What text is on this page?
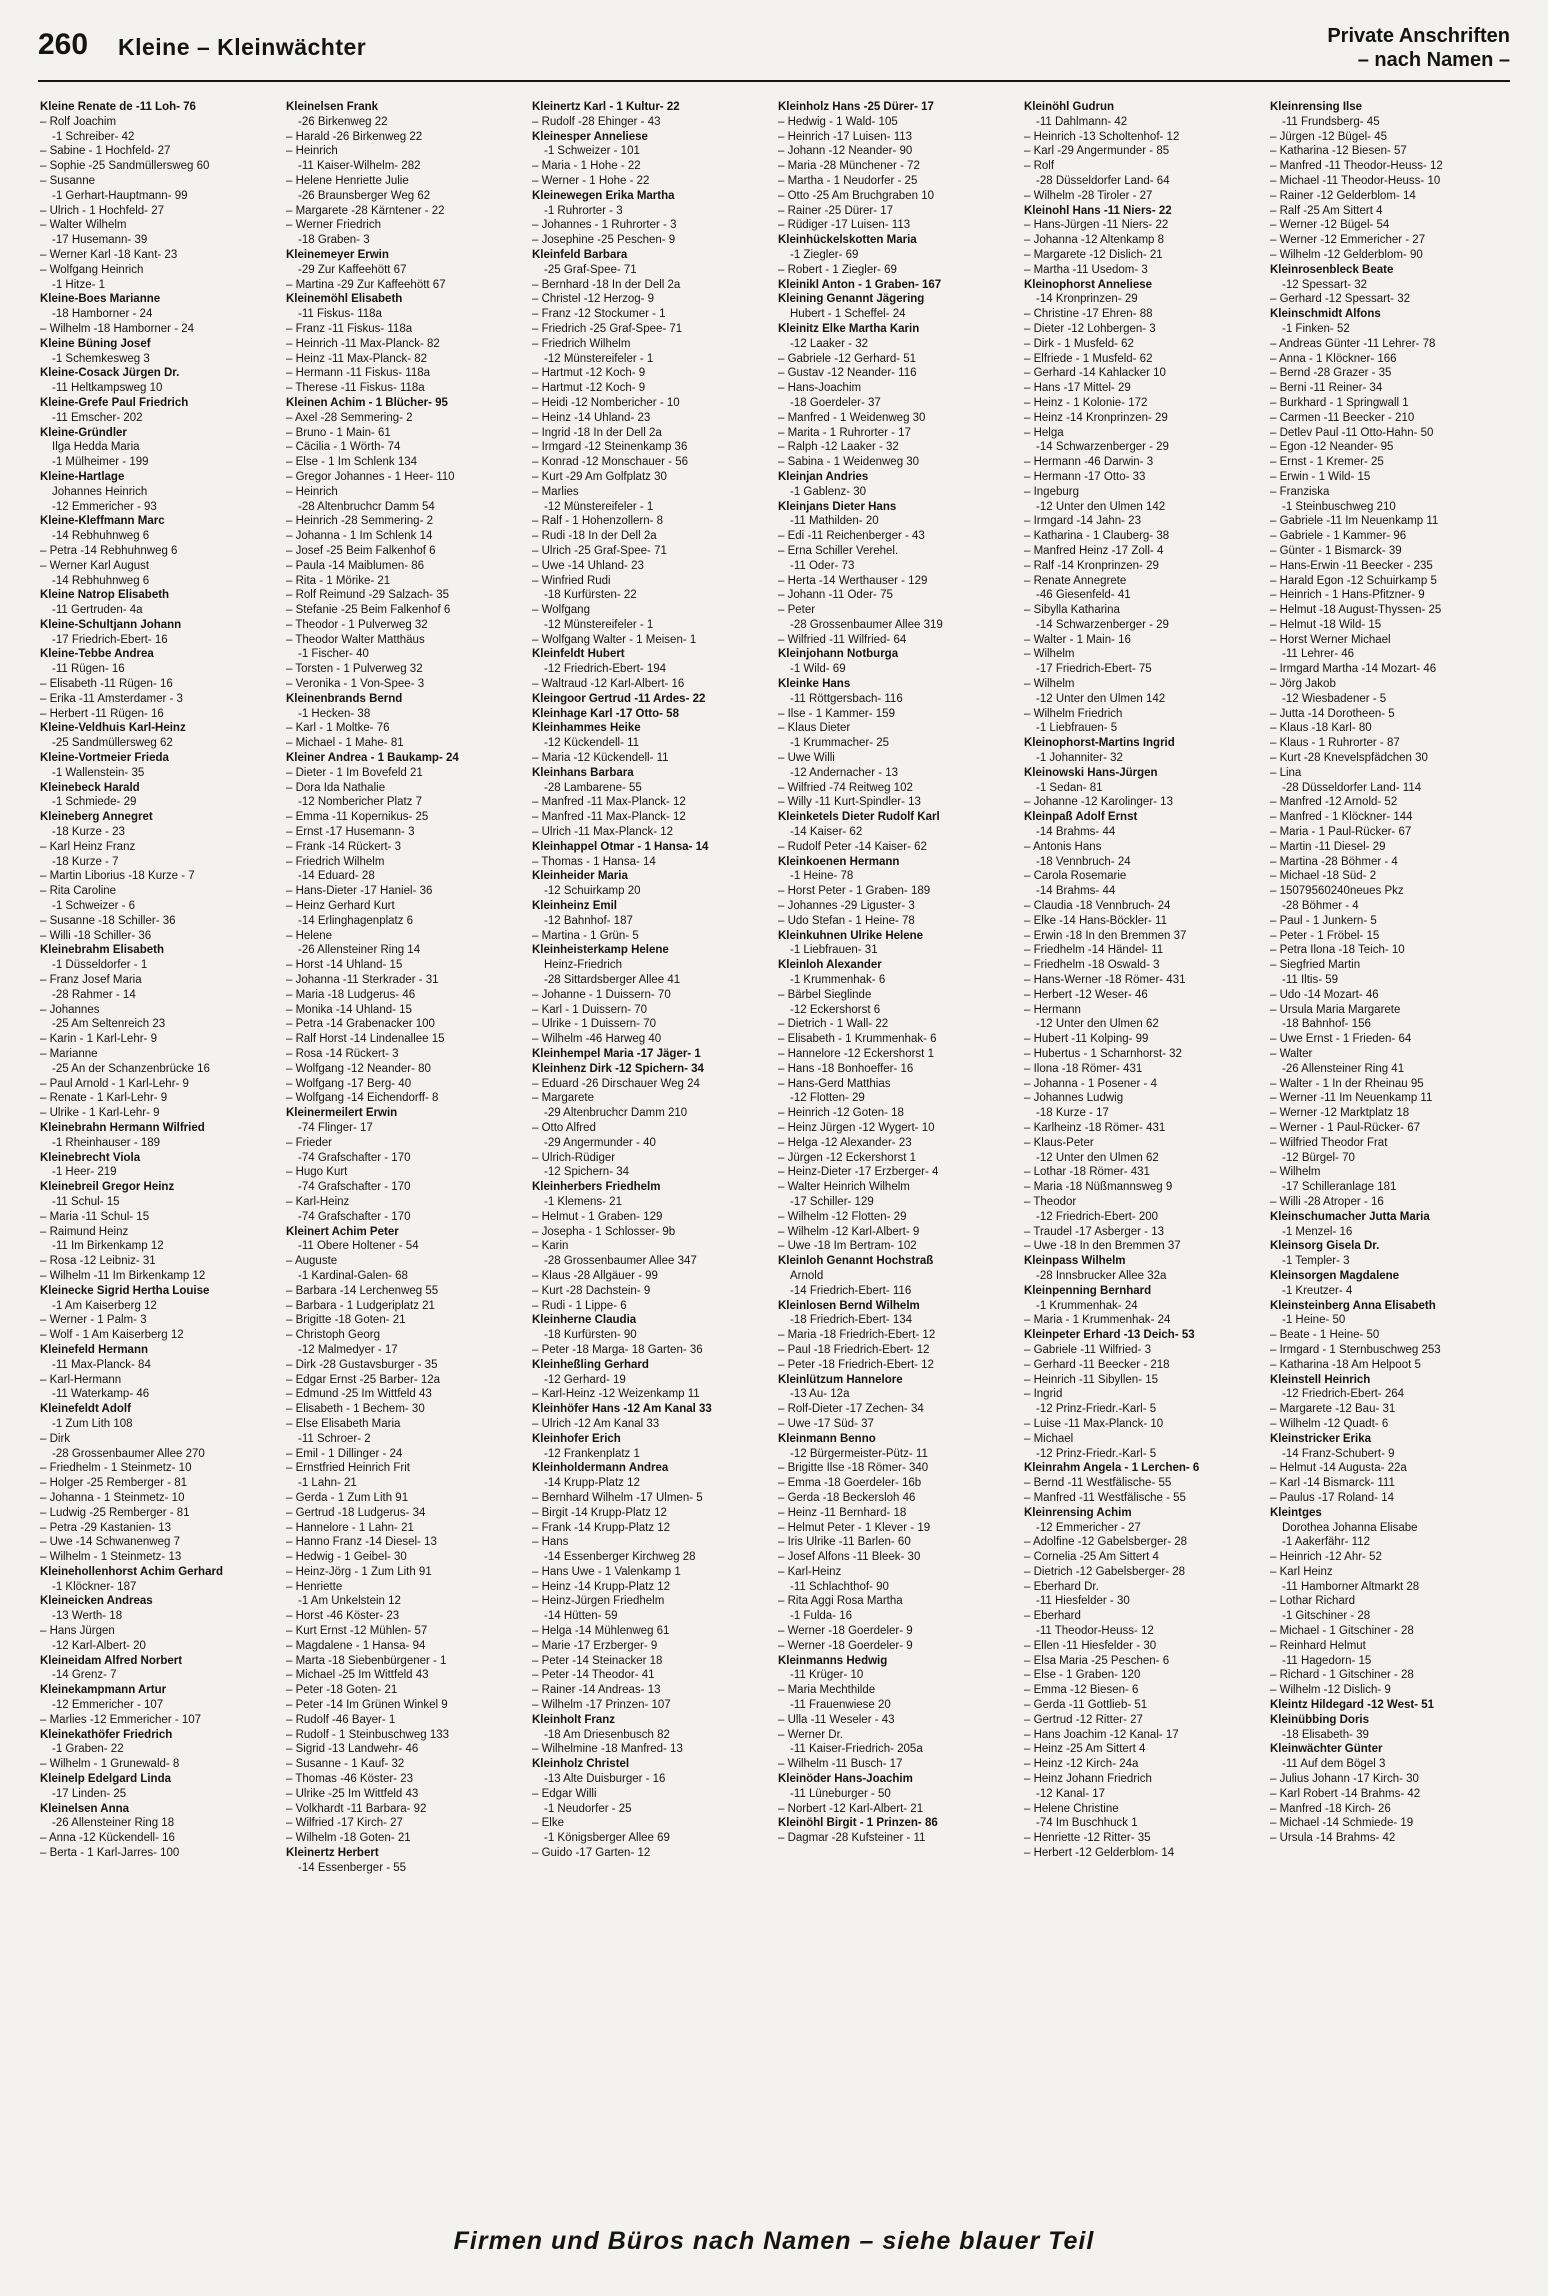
260 Kleine – Kleinwächter	Private Anschriften
– nach Namen –
Kleine Renate de -11 Loh- 76
– Rolf Joachim
-1 Schreiber- 42
– Sabine - 1 Hochfeld- 27
– Sophie -25 Sandmüllersweg 60
– Susanne
-1 Gerhart-Hauptmann- 99
– Ulrich - 1 Hochfeld- 27
– Walter Wilhelm
-17 Husemann- 39
– Werner Karl -18 Kant- 23
– Wolfgang Heinrich
-1 Hitze- 1
Kleine-Boes Marianne
-18 Hamborner - 24
– Wilhelm -18 Hamborner - 24
Kleine Büning Josef
-1 Schemkesweg 3
Kleine-Cosack Jürgen Dr.
-11 Heltkampsweg 10
Kleine-Grefe Paul Friedrich
-11 Emscher- 202
Kleine-Gründler
Ilga Hedda Maria
-1 Mülheimer - 199
Kleine-Hartlage
Johannes Heinrich
-12 Emmericher - 93
Kleine-Kleffmann Marc
-14 Rebhuhnweg 6
– Petra -14 Rebhuhnweg 6
– Werner Karl August
-14 Rebhuhnweg 6
Kleine Natrop Elisabeth
-11 Gertruden- 4a
Kleine-Schultjann Johann
-17 Friedrich-Ebert- 16
Kleine-Tebbe Andrea
-11 Rügen- 16
– Elisabeth -11 Rügen- 16
– Erika -11 Amsterdamer - 3
– Herbert -11 Rügen- 16
Kleine-Veldhuis Karl-Heinz
-25 Sandmüllersweg 62
Kleine-Vortmeier Frieda
-1 Wallenstein- 35
Kleinebeck Harald
-1 Schmiede- 29
Kleineberg Annegret
-18 Kurze - 23
– Karl Heinz Franz
-18 Kurze - 7
– Martin Liborius -18 Kurze - 7
– Rita Caroline
-1 Schweizer - 6
– Susanne -18 Schiller- 36
– Willi -18 Schiller- 36
Kleinebrahm Elisabeth
-1 Düsseldorfer - 1
– Franz Josef Maria
-28 Rahmer - 14
– Johannes
-25 Am Seltenreich 23
– Karin - 1 Karl-Lehr- 9
– Marianne
-25 An der Schanzenbrücke 16
– Paul Arnold - 1 Karl-Lehr- 9
– Renate - 1 Karl-Lehr- 9
– Ulrike - 1 Karl-Lehr- 9
Kleinebrahn Hermann Wilfried
-1 Rheinhauser - 189
Kleinebrecht Viola
-1 Heer- 219
Kleinebreil Gregor Heinz
-11 Schul- 15
– Maria -11 Schul- 15
– Raimund Heinz
-11 Im Birkenkamp 12
– Rosa -12 Leibniz- 31
– Wilhelm -11 Im Birkenkamp 12
Kleinecke Sigrid Hertha Louise
-1 Am Kaiserberg 12
– Werner - 1 Palm- 3
– Wolf - 1 Am Kaiserberg 12
Kleinefeld Hermann
-11 Max-Planck- 84
– Karl-Hermann
-11 Waterkamp- 46
Kleinefeldt Adolf
-1 Zum Lith 108
– Dirk
-28 Grossenbaumer Allee 270
– Friedhelm - 1 Steinmetz- 10
– Holger -25 Remberger - 81
– Johanna - 1 Steinmetz- 10
– Ludwig -25 Remberger - 81
– Petra -29 Kastanien- 13
– Uwe -14 Schwanenweg 7
– Wilhelm - 1 Steinmetz- 13
Kleinehollenhorst Achim Gerhard
-1 Klöckner- 187
Kleineicken Andreas
-13 Werth- 18
– Hans Jürgen
-12 Karl-Albert- 20
Kleineidam Alfred Norbert
-14 Grenz- 7
Kleinekampmann Artur
-12 Emmericher - 107
– Marlies -12 Emmericher - 107
Kleinekathöfer Friedrich
-1 Graben- 22
– Wilhelm - 1 Grunewald- 8
Kleinelp Edelgard Linda
-17 Linden- 25
Kleinelsen Anna
-26 Allensteiner Ring 18
– Anna -12 Kückendell- 16
– Berta - 1 Karl-Jarres- 100
Kleinelsen Frank
-26 Birkenweg 22
– Harald -26 Birkenweg 22
– Heinrich
-11 Kaiser-Wilhelm- 282
– Helene Henriette Julie
-26 Braunsberger Weg 62
– Margarete -28 Kärntener - 22
– Werner Friedrich
-18 Graben- 3
Kleinemeyer Erwin
-29 Zur Kaffeehött 67
– Martina -29 Zur Kaffeehött 67
Kleinemöhl Elisabeth
-11 Fiskus- 118a
– Franz -11 Fiskus- 118a
– Heinrich -11 Max-Planck- 82
– Heinz -11 Max-Planck- 82
– Hermann -11 Fiskus- 118a
– Therese -11 Fiskus- 118a
Kleinen Achim - 1 Blücher- 95
– Axel -28 Semmering- 2
– Bruno - 1 Main- 61
– Cäcilia - 1 Wörth- 74
– Else - 1 Im Schlenk 134
– Gregor Johannes - 1 Heer- 110
– Heinrich
-28 Altenbruchcr Damm 54
– Heinrich -28 Semmering- 2
– Johanna - 1 Im Schlenk 14
– Josef -25 Beim Falkenhof 6
– Paula -14 Maiblumen- 86
– Rita - 1 Mörike- 21
– Rolf Reimund -29 Salzach- 35
– Stefanie -25 Beim Falkenhof 6
– Theodor - 1 Pulverweg 32
– Theodor Walter Matthäus
-1 Fischer- 40
– Torsten - 1 Pulverweg 32
– Veronika - 1 Von-Spee- 3
Kleinenbrands Bernd
-1 Hecken- 38
– Karl - 1 Moltke- 76
– Michael - 1 Mahe- 81
Kleiner Andrea - 1 Baukamp- 24
– Dieter - 1 Im Bovefeld 21
– Dora Ida Nathalie
-12 Nombericher Platz 7
– Emma -11 Kopernikus- 25
– Ernst -17 Husemann- 3
– Frank -14 Rückert- 3
– Friedrich Wilhelm
-14 Eduard- 28
– Hans-Dieter -17 Haniel- 36
– Heinz Gerhard Kurt
-14 Erlinghagenplatz 6
– Helene
-26 Allensteiner Ring 14
– Horst -14 Uhland- 15
– Johanna -11 Sterkrader - 31
– Maria -18 Ludgerus- 46
– Monika -14 Uhland- 15
– Petra -14 Grabenacker 100
– Ralf Horst -14 Lindenallee 15
– Rosa -14 Rückert- 3
– Wolfgang -12 Neander- 80
– Wolfgang -17 Berg- 40
– Wolfgang -14 Eichendorff- 8
Kleinermeilert Erwin
-74 Flinger- 17
– Frieder
-74 Grafschafter - 170
– Hugo Kurt
-74 Grafschafter - 170
– Karl-Heinz
-74 Grafschafter - 170
Kleinert Achim Peter
-11 Obere Holtener - 54
– Auguste
-1 Kardinal-Galen- 68
– Barbara -14 Lerchenweg 55
– Barbara - 1 Ludgeriplatz 21
– Brigitte -18 Goten- 21
– Christoph Georg
-12 Malmedyer - 17
– Dirk -28 Gustavsburger - 35
– Edgar Ernst -25 Barber- 12a
– Edmund -25 Im Wittfeld 43
– Elisabeth - 1 Bechem- 30
– Else Elisabeth Maria
-11 Schroer- 2
– Emil - 1 Dillinger - 24
– Ernstfried Heinrich Frit
-1 Lahn- 21
– Gerda - 1 Zum Lith 91
– Gertrud -18 Ludgerus- 34
– Hannelore - 1 Lahn- 21
– Hanno Franz -14 Diesel- 13
– Hedwig - 1 Geibel- 30
– Heinz-Jörg - 1 Zum Lith 91
– Henriette
-1 Am Unkelstein 12
– Horst -46 Köster- 23
– Kurt Ernst -12 Mühlen- 57
– Magdalene - 1 Hansa- 94
– Marta -18 Siebenbürgener - 1
– Michael -25 Im Wittfeld 43
– Peter -18 Goten- 21
– Peter -14 Im Grünen Winkel 9
– Rudolf -46 Bayer- 1
– Rudolf - 1 Steinbuschweg 133
– Sigrid -13 Landwehr- 46
– Susanne - 1 Kauf- 32
– Thomas -46 Köster- 23
– Ulrike -25 Im Wittfeld 43
– Volkhardt -11 Barbara- 92
– Wilfried -17 Kirch- 27
– Wilhelm -18 Goten- 21
Kleinertz Herbert
-14 Essenberger - 55
Kleinertz Karl - 1 Kultur- 22
– Rudolf -28 Ehinger - 43
Kleinesper Anneliese
-1 Schweizer - 101
– Maria - 1 Hohe - 22
– Werner - 1 Hohe - 22
Kleinewegen Erika Martha
-1 Ruhrorter - 3
– Johannes - 1 Ruhrorter - 3
– Josephine -25 Peschen- 9
Kleinfeld Barbara
-25 Graf-Spee- 71
– Bernhard -18 In der Dell 2a
– Christel -12 Herzog- 9
– Franz -12 Stockumer - 1
– Friedrich -25 Graf-Spee- 71
– Friedrich Wilhelm
-12 Münstereifeler - 1
– Hartmut -12 Koch- 9
– Hartmut -12 Koch- 9
– Heidi -12 Nombericher - 10
– Heinz -14 Uhland- 23
– Ingrid -18 In der Dell 2a
– Irmgard -12 Steinenkamp 36
– Konrad -12 Monschauer - 56
– Kurt -29 Am Golfplatz 30
– Marlies
-12 Münstereifeler - 1
– Ralf - 1 Hohenzollern- 8
– Rudi -18 In der Dell 2a
– Ulrich -25 Graf-Spee- 71
– Uwe -14 Uhland- 23
– Winfried Rudi
-18 Kurfürsten- 22
– Wolfgang
-12 Münstereifeler - 1
– Wolfgang Walter - 1 Meisen- 1
Kleinfeldt Hubert
-12 Friedrich-Ebert- 194
– Waltraud -12 Karl-Albert- 16
Kleingoor Gertrud -11 Ardes- 22
Kleinhage Karl -17 Otto- 58
Kleinhammes Heike
-12 Kückendell- 11
– Maria -12 Kückendell- 11
Kleinhans Barbara
-28 Lambarene- 55
– Manfred -11 Max-Planck- 12
– Manfred -11 Max-Planck- 12
– Ulrich -11 Max-Planck- 12
Kleinhappel Otmar - 1 Hansa- 14
– Thomas - 1 Hansa- 14
Kleinheider Maria
-12 Schuirkamp 20
Kleinheinz Emil
-12 Bahnhof- 187
– Martina - 1 Grün- 5
Kleinheisterkamp Helene
Heinz-Friedrich
-28 Sittardsberger Allee 41
– Johanne - 1 Duissern- 70
– Karl - 1 Duissern- 70
– Ulrike - 1 Duissern- 70
– Wilhelm -46 Harweg 40
Kleinhempel Maria -17 Jäger- 1
Kleinhenz Dirk -12 Spichern- 34
– Eduard -26 Dirschauer Weg 24
– Margarete
-29 Altenbruchcr Damm 210
– Otto Alfred
-29 Angermunder - 40
– Ulrich-Rüdiger
-12 Spichern- 34
Kleinherbers Friedhelm
-1 Klemens- 21
– Helmut - 1 Graben- 129
– Josepha - 1 Schlosser- 9b
– Karin
-28 Grossenbaumer Allee 347
– Klaus -28 Allgäuer - 99
– Kurt -28 Dachstein- 9
– Rudi - 1 Lippe- 6
Kleinherne Claudia
-18 Kurfürsten- 90
– Peter -18 Marga- 18 Garten- 36
Kleinheßling Gerhard
-12 Gerhard- 19
– Karl-Heinz -12 Weizenkamp 11
Kleinhöfer Hans -12 Am Kanal 33
– Ulrich -12 Am Kanal 33
Kleinhofer Erich
-12 Frankenplatz 1
Kleinholdermann Andrea
-14 Krupp-Platz 12
– Bernhard Wilhelm -17 Ulmen- 5
– Birgit -14 Krupp-Platz 12
– Frank -14 Krupp-Platz 12
– Hans
-14 Essenberger Kirchweg 28
– Hans Uwe - 1 Valenkamp 1
– Heinz -14 Krupp-Platz 12
– Heinz-Jürgen Friedhelm
-14 Hütten- 59
– Helga -14 Mühlenweg 61
– Marie -17 Erzberger- 9
– Peter -14 Steinacker 18
– Peter -14 Theodor- 41
– Rainer -14 Andreas- 13
– Wilhelm -17 Prinzen- 107
Kleinholt Franz
-18 Am Driesenbusch 82
– Wilhelmine -18 Manfred- 13
Kleinholz Christel
-13 Alte Duisburger - 16
– Edgar Willi
-1 Neudorfer - 25
– Elke
-1 Königsberger Allee 69
– Guido -17 Garten- 12
Kleinholz Hans -25 Dürer- 17
– Hedwig - 1 Wald- 105
– Heinrich -17 Luisen- 113
– Johann -12 Neander- 90
– Maria -28 Münchener - 72
– Martha - 1 Neudorfer - 25
– Otto -25 Am Bruchgraben 10
– Rainer -25 Dürer- 17
– Rüdiger -17 Luisen- 113
Kleinhückelskotten Maria
-1 Ziegler- 69
– Robert - 1 Ziegler- 69
Kleinikl Anton - 1 Graben- 167
Kleining Genannt Jägering
Hubert - 1 Scheffel- 24
Kleinitz Elke Martha Karin
-12 Laaker - 32
– Gabriele -12 Gerhard- 51
– Gustav -12 Neander- 116
– Hans-Joachim
-18 Goerdeler- 37
– Manfred - 1 Weidenweg 30
– Marita - 1 Ruhrorter - 17
– Ralph -12 Laaker - 32
– Sabina - 1 Weidenweg 30
Kleinjan Andries
-1 Gablenz- 30
Kleinjans Dieter Hans
-11 Mathilden- 20
– Edi -11 Reichenberger - 43
– Erna Schiller Verehel.
-11 Oder- 73
– Herta -14 Werthauser - 129
– Johann -11 Oder- 75
– Peter
-28 Grossenbaumer Allee 319
– Wilfried -11 Wilfried- 64
Kleinjohann Notburga
-1 Wild- 69
Kleinke Hans
-11 Röttgersbach- 116
– Ilse - 1 Kammer- 159
– Klaus Dieter
-1 Krummacher- 25
– Uwe Willi
-12 Andernacher - 13
– Wilfried -74 Reitweg 102
– Willy -11 Kurt-Spindler- 13
Kleinketels Dieter Rudolf Karl
-14 Kaiser- 62
– Rudolf Peter -14 Kaiser- 62
Kleinkoenen Hermann
-1 Heine- 78
– Horst Peter - 1 Graben- 189
– Johannes -29 Liguster- 3
– Udo Stefan - 1 Heine- 78
Kleinkuhnen Ulrike Helene
-1 Liebfrauen- 31
Kleinloh Alexander
-1 Krummenhak- 6
– Bärbel Sieglinde
-12 Eckershorst 6
– Dietrich - 1 Wall- 22
– Elisabeth - 1 Krummenhak- 6
– Hannelore -12 Eckershorst 1
– Hans -18 Bonhoeffer- 16
– Hans-Gerd Matthias
-12 Flotten- 29
– Heinrich -12 Goten- 18
– Heinz Jürgen -12 Wygert- 10
– Helga -12 Alexander- 23
– Jürgen -12 Eckershorst 1
– Heinz-Dieter -17 Erzberger- 4
– Walter Heinrich Wilhelm
-17 Schiller- 129
– Wilhelm -12 Flotten- 29
– Wilhelm -12 Karl-Albert- 9
– Uwe -18 Im Bertram- 102
Kleinloh Genannt Hochstraß
Arnold
-14 Friedrich-Ebert- 116
Kleinlosen Bernd Wilhelm
-18 Friedrich-Ebert- 134
– Maria -18 Friedrich-Ebert- 12
– Paul -18 Friedrich-Ebert- 12
– Peter -18 Friedrich-Ebert- 12
Kleinlützum Hannelore
-13 Au- 12a
– Rolf-Dieter -17 Zechen- 34
– Uwe -17 Süd- 37
Kleinmann Benno
-12 Bürgermeister-Pütz- 11
– Brigitte Ilse -18 Römer- 340
– Emma -18 Goerdeler- 16b
– Gerda -18 Beckersloh 46
– Heinz -11 Bernhard- 18
– Helmut Peter - 1 Klever - 19
– Iris Ulrike -11 Barlen- 60
– Josef Alfons -11 Bleek- 30
– Karl-Heinz
-11 Schlachthof- 90
– Rita Aggi Rosa Martha
-1 Fulda- 16
– Werner -18 Goerdeler- 9
– Werner -18 Goerdeler- 9
Kleinmanns Hedwig
-11 Krüger- 10
– Maria Mechthilde
-11 Frauenwiese 20
– Ulla -11 Weseler - 43
– Werner Dr.
-11 Kaiser-Friedrich- 205a
– Wilhelm -11 Busch- 17
Kleinöder Hans-Joachim
-11 Lüneburger - 50
– Norbert -12 Karl-Albert- 21
Kleinöhl Birgit - 1 Prinzen- 86
– Dagmar -28 Kufsteiner - 11
Kleinöhl Gudrun
-11 Dahlmann- 42
– Heinrich -13 Scholtenhof- 12
– Karl -29 Angermunder - 85
– Rolf
-28 Düsseldorfer Land- 64
– Wilhelm -28 Tiroler - 27
Kleinohl Hans -11 Niers- 22
– Hans-Jürgen -11 Niers- 22
– Johanna -12 Altenkamp 8
– Margarete -12 Dislich- 21
– Martha -11 Usedom- 3
Kleinophorst Anneliese
-14 Kronprinzen- 29
– Christine -17 Ehren- 88
– Dieter -12 Lohbergen- 3
– Dirk - 1 Musfeld- 62
– Elfriede - 1 Musfeld- 62
– Gerhard -14 Kahlacker 10
– Hans -17 Mittel- 29
– Heinz - 1 Kolonie- 172
– Heinz -14 Kronprinzen- 29
– Helga
-14 Schwarzenberger - 29
– Hermann -46 Darwin- 3
– Hermann -17 Otto- 33
– Ingeburg
-12 Unter den Ulmen 142
– Irmgard -14 Jahn- 23
– Katharina - 1 Clauberg- 38
– Manfred Heinz -17 Zoll- 4
– Ralf -14 Kronprinzen- 29
– Renate Annegrete
-46 Giesenfeld- 41
– Sibylla Katharina
-14 Schwarzenberger - 29
– Walter - 1 Main- 16
– Wilhelm
-17 Friedrich-Ebert- 75
– Wilhelm
-12 Unter den Ulmen 142
– Wilhelm Friedrich
-1 Liebfrauen- 5
Kleinophorst-Martins Ingrid
-1 Johanniter- 32
Kleinowski Hans-Jürgen
-1 Sedan- 81
– Johanne -12 Karolinger- 13
Kleinpaß Adolf Ernst
-14 Brahms- 44
– Antonis Hans
-18 Vennbruch- 24
– Carola Rosemarie
-14 Brahms- 44
– Claudia -18 Vennbruch- 24
– Elke -14 Hans-Böckler- 11
– Erwin -18 In den Bremmen 37
– Friedhelm -14 Händel- 11
– Friedhelm -18 Oswald- 3
– Hans-Werner -18 Römer- 431
– Herbert -12 Weser- 46
– Hermann
-12 Unter den Ulmen 62
– Hubert -11 Kolping- 99
– Hubertus - 1 Scharnhorst- 32
– Ilona -18 Römer- 431
– Johanna - 1 Posener - 4
– Johannes Ludwig
-18 Kurze - 17
– Karlheinz -18 Römer- 431
– Klaus-Peter
-12 Unter den Ulmen 62
– Lothar -18 Römer- 431
– Maria -18 Nüßmannsweg 9
– Theodor
-12 Friedrich-Ebert- 200
– Traudel -17 Asberger - 13
– Uwe -18 In den Bremmen 37
Kleinpass Wilhelm
-28 Innsbrucker Allee 32a
Kleinpenning Bernhard
-1 Krummenhak- 24
– Maria - 1 Krummenhak- 24
Kleinpeter Erhard -13 Deich- 53
– Gabriele -11 Wilfried- 3
– Gerhard -11 Beecker - 218
– Heinrich -11 Sibyllen- 15
– Ingrid
-12 Prinz-Friedr.-Karl- 5
– Luise -11 Max-Planck- 10
– Michael
-12 Prinz-Friedr.-Karl- 5
Kleinrahm Angela - 1 Lerchen- 6
– Bernd -11 Westfälische- 55
– Manfred -11 Westfälische - 55
Kleinrensing Achim
-12 Emmericher - 27
– Adolfine -12 Gabelsberger- 28
– Cornelia -25 Am Sittert 4
– Dietrich -12 Gabelsberger- 28
– Eberhard Dr.
-11 Hiesfelder - 30
– Eberhard
-11 Theodor-Heuss- 12
– Ellen -11 Hiesfelder - 30
– Elsa Maria -25 Peschen- 6
– Else - 1 Graben- 120
– Emma -12 Biesen- 6
– Gerda -11 Gottlieb- 51
– Gertrud -12 Ritter- 27
– Hans Joachim -12 Kanal- 17
– Heinz -25 Am Sittert 4
– Heinz -12 Kirch- 24a
– Heinz Johann Friedrich
-12 Kanal- 17
– Helene Christine
-74 Im Buschhuck 1
– Henriette -12 Ritter- 35
– Herbert -12 Gelderblom- 14
Kleinrensing Ilse
-11 Frundsberg- 45
– Jürgen -12 Bügel- 45
– Katharina -12 Biesen- 57
– Manfred -11 Theodor-Heuss- 12
– Michael -11 Theodor-Heuss- 10
– Rainer -12 Gelderblom- 14
– Ralf -25 Am Sittert 4
– Werner -12 Bügel- 54
– Werner -12 Emmericher - 27
– Wilhelm -12 Gelderblom- 90
Kleinrosenbleck Beate
-12 Spessart- 32
– Gerhard -12 Spessart- 32
Kleinschmidt Alfons
-1 Finken- 52
– Andreas Günter -11 Lehrer- 78
– Anna - 1 Klöckner- 166
– Bernd -28 Grazer - 35
– Berni -11 Reiner- 34
– Burkhard - 1 Springwall 1
– Carmen -11 Beecker - 210
– Detlev Paul -11 Otto-Hahn- 50
– Egon -12 Neander- 95
– Ernst - 1 Kremer- 25
– Erwin - 1 Wild- 15
– Franziska
-1 Steinbuschweg 210
– Gabriele -11 Im Neuenkamp 11
– Gabriele - 1 Kammer- 96
– Günter - 1 Bismarck- 39
– Hans-Erwin -11 Beecker - 235
– Harald Egon -12 Schuirkamp 5
– Heinrich - 1 Hans-Pfitzner- 9
– Helmut -18 August-Thyssen- 25
– Helmut -18 Wild- 15
– Horst Werner Michael
-11 Lehrer- 46
– Irmgard Martha -14 Mozart- 46
– Jörg Jakob
-12 Wiesbadener - 5
– Jutta -14 Dorotheen- 5
– Klaus -18 Karl- 80
– Klaus - 1 Ruhrorter - 87
– Kurt -28 Knevelspfädchen 30
– Lina
-28 Düsseldorfer Land- 114
– Manfred -12 Arnold- 52
– Manfred - 1 Klöckner- 144
– Maria - 1 Paul-Rücker- 67
– Martin -11 Diesel- 29
– Martina -28 Böhmer - 4
– Michael -18 Süd- 2
– 15079560240neues Pkz
-28 Böhmer - 4
– Paul - 1 Junkern- 5
– Peter - 1 Fröbel- 15
– Petra Ilona -18 Teich- 10
– Siegfried Martin
-11 Iltis- 59
– Udo -14 Mozart- 46
– Ursula Maria Margarete
-18 Bahnhof- 156
– Uwe Ernst - 1 Frieden- 64
– Walter
-26 Allensteiner Ring 41
– Walter - 1 In der Rheinau 95
– Werner -11 Im Neuenkamp 11
– Werner -12 Marktplatz 18
– Werner - 1 Paul-Rücker- 67
– Wilfried Theodor Frat
-12 Bürgel- 70
– Wilhelm
-17 Schilleranlage 181
– Willi -28 Atroper - 16
Kleinschumacher Jutta Maria
-1 Menzel- 16
Kleinsorg Gisela Dr.
-1 Templer- 3
Kleinsorgen Magdalene
-1 Kreutzer- 4
Kleinsteinberg Anna Elisabeth
-1 Heine- 50
– Beate - 1 Heine- 50
– Irmgard - 1 Sternbuschweg 253
– Katharina -18 Am Helpoot 5
Kleinstell Heinrich
-12 Friedrich-Ebert- 264
– Margarete -12 Bau- 31
– Wilhelm -12 Quadt- 6
Kleinstricker Erika
-14 Franz-Schubert- 9
– Helmut -14 Augusta- 22a
– Karl -14 Bismarck- 111
– Paulus -17 Roland- 14
Kleintges
Dorothea Johanna Elisabe
-1 Aakerfähr- 112
– Heinrich -12 Ahr- 52
– Karl Heinz
-11 Hamborner Altmarkt 28
– Lothar Richard
-1 Gitschiner - 28
– Michael - 1 Gitschiner - 28
– Reinhard Helmut
-11 Hagedorn- 15
– Richard - 1 Gitschiner - 28
– Wilhelm -12 Dislich- 9
Kleintz Hildegard -12 West- 51
Kleinübbing Doris
-18 Elisabeth- 39
Kleinwächter Günter
-11 Auf dem Bögel 3
– Julius Johann -17 Kirch- 30
– Karl Robert -14 Brahms- 42
– Manfred -18 Kirch- 26
– Michael -14 Schmiede- 19
– Ursula -14 Brahms- 42
Firmen und Büros nach Namen – siehe blauer Teil
